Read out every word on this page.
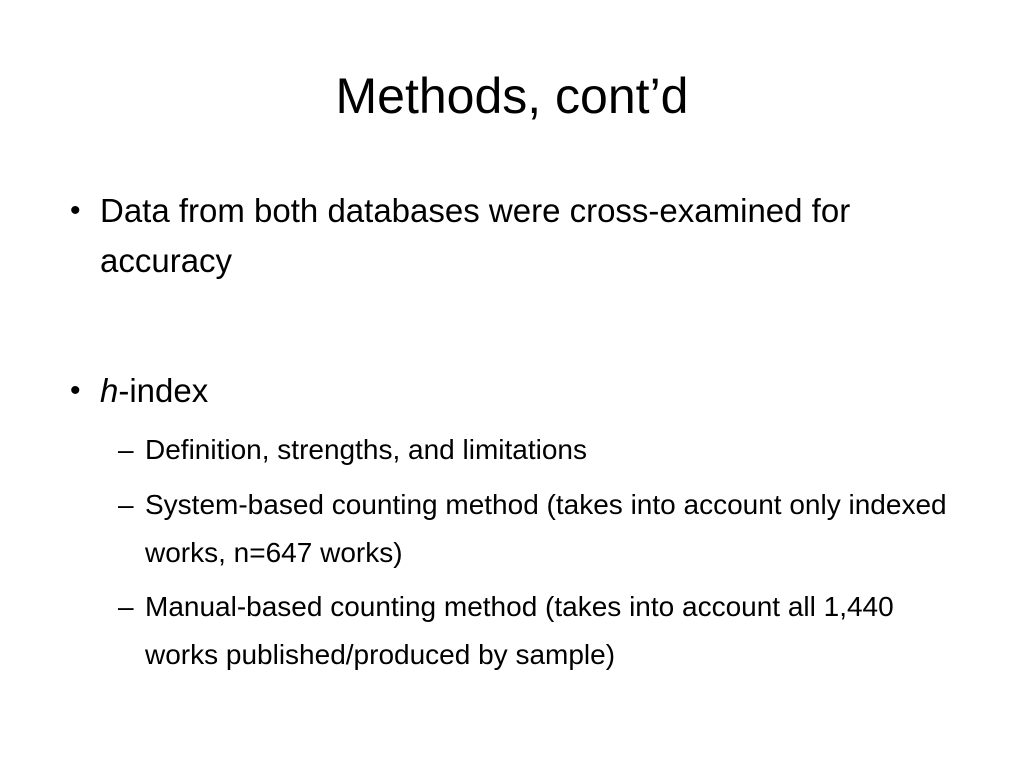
Methods, cont’d
• Data from both databases were cross-examined for accuracy
• h-index
– Definition, strengths, and limitations
– System-based counting method (takes into account only indexed works, n=647 works)
– Manual-based counting method (takes into account all 1,440 works published/produced by sample)
